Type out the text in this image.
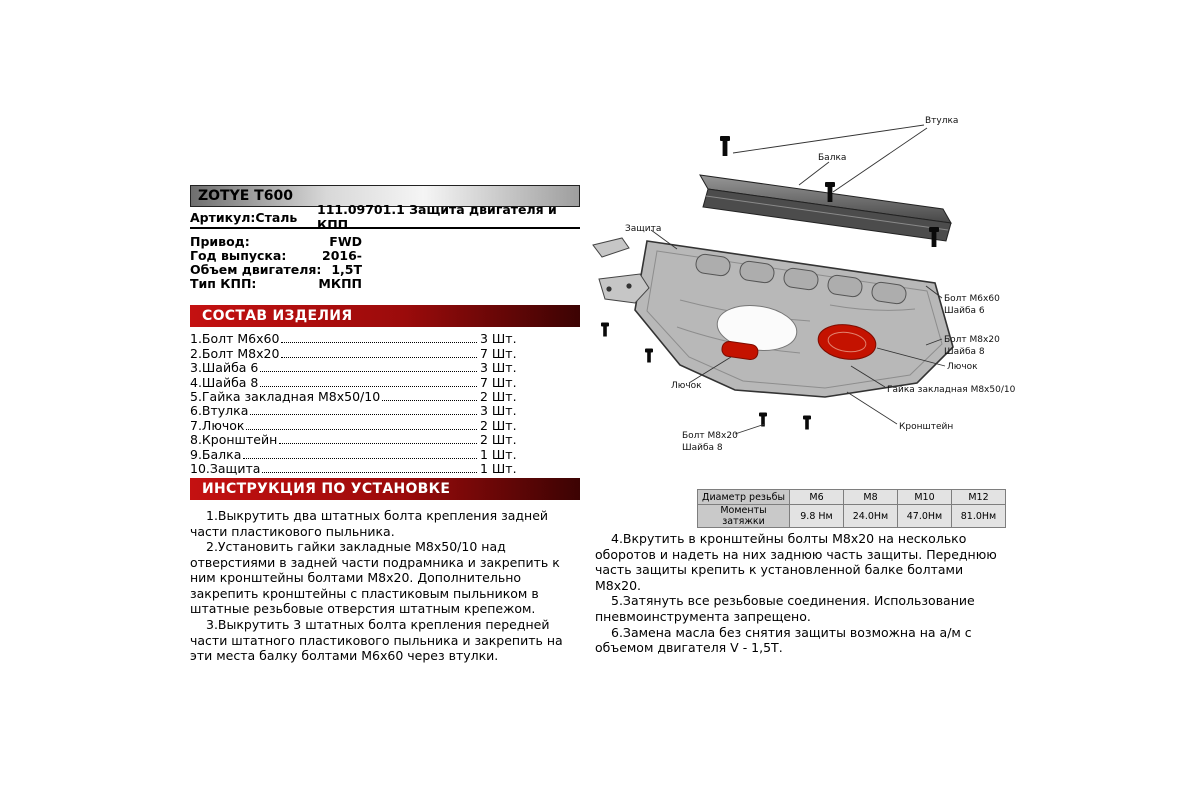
ZOTYE T600
Артикул:Сталь	111.09701.1 Защита двигателя и КПП
Привод:	FWD
Год выпуска:	2016-
Объем двигателя: 1,5T
Тип КПП:	МКПП
СОСТАВ ИЗДЕЛИЯ
1.Болт М6х60	3 Шт.
2.Болт М8х20	7 Шт.
3.Шайба 6	3 Шт.
4.Шайба 8	7 Шт.
5.Гайка закладная М8х50/10	2 Шт.
6.Втулка	3 Шт.
7.Лючок	2 Шт.
8.Кронштейн	2 Шт.
9.Балка	1 Шт.
10.Защита	1 Шт.
ИНСТРУКЦИЯ ПО УСТАНОВКЕ

1.Выкрутить два штатных болта крепления задней части пластикового пыльника.

2.Установить гайки закладные М8х50/10 над отверстиями в задней части подрамника и закрепить к ним кронштейны болтами М8х20. Дополнительно закрепить кронштейны с пластиковым пыльником в штатные резьбовые отверстия штатным крепежом.

3.Выкрутить 3 штатных болта крепления передней части штатного пластикового пыльника и закрепить на эти места балку болтами М6х60 через втулки.

4.Вкрутить в кронштейны болты М8х20 на несколько оборотов и надеть на них заднюю часть защиты. Переднюю часть защиты крепить к установленной балке болтами М8х20.

5.Затянуть все резьбовые соединения. Использование пневмоинструмента запрещено.

6.Замена масла без снятия защиты возможна на а/м с объемом двигателя V - 1,5Т.

Втулка
Балка
Защита
Болт М6х60
Шайба 6
Болт М8х20
Шайба 8
Лючок
Гайка закладная М8х50/10
Кронштейн
Болт М8х20
Шайба 8
Лючок
Диаметр резьбы	М6	М8	М10	М12
Моменты затяжки	9.8 Нм	24.0Нм	47.0Нм	81.0Нм
